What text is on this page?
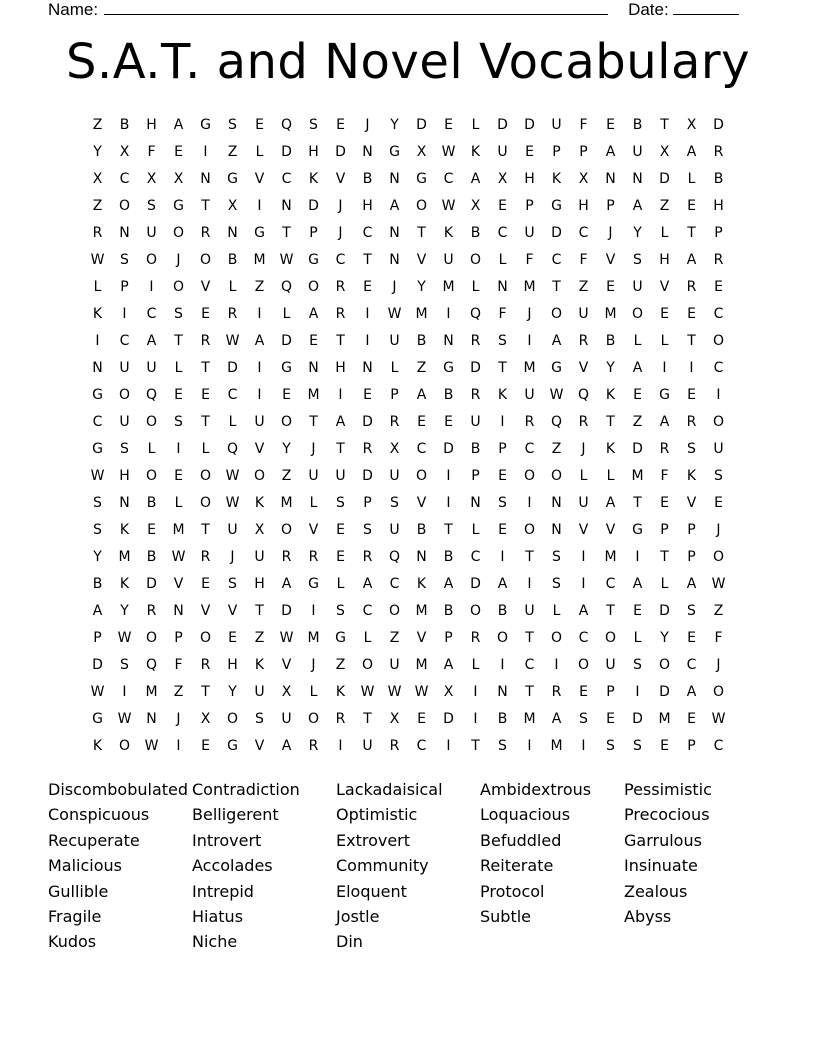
Name:	Date:
S.A.T. and Novel Vocabulary
Z	B	H	A	G	S	E	Q	S	E	J	Y	D	E	L	D	D	U	F	E	B	T	X	D
Y	X	F	E	I	Z	L	D	H	D	N	G	X	W	K	U	E	P	P	A	U	X	A	R
X	C	X	X	N	G	V	C	K	V	B	N	G	C	A	X	H	K	X	N	N	D	L	B
Z	O	S	G	T	X	I	N	D	J	H	A	O	W	X	E	P	G	H	P	A	Z	E	H
R	N	U	O	R	N	G	T	P	J	C	N	T	K	B	C	U	D	C	J	Y	L	T	P
W	S	O	J	O	B	M	W	G	C	T	N	V	U	O	L	F	C	F	V	S	H	A	R
L	P	I	O	V	L	Z	Q	O	R	E	J	Y	M	L	N	M	T	Z	E	U	V	R	E
K	I	C	S	E	R	I	L	A	R	I	W	M	I	Q	F	J	O	U	M	O	E	E	C
I	C	A	T	R	W	A	D	E	T	I	U	B	N	R	S	I	A	R	B	L	L	T	O
N	U	U	L	T	D	I	G	N	H	N	L	Z	G	D	T	M	G	V	Y	A	I	I	C
G	O	Q	E	E	C	I	E	M	I	E	P	A	B	R	K	U	W	Q	K	E	G	E	I
C	U	O	S	T	L	U	O	T	A	D	R	E	E	U	I	R	Q	R	T	Z	A	R	O
G	S	L	I	L	Q	V	Y	J	T	R	X	C	D	B	P	C	Z	J	K	D	R	S	U
W	H	O	E	O	W	O	Z	U	U	D	U	O	I	P	E	O	O	L	L	M	F	K	S
S	N	B	L	O	W	K	M	L	S	P	S	V	I	N	S	I	N	U	A	T	E	V	E
S	K	E	M	T	U	X	O	V	E	S	U	B	T	L	E	O	N	V	V	G	P	P	J
Y	M	B	W	R	J	U	R	R	E	R	Q	N	B	C	I	T	S	I	M	I	T	P	O
B	K	D	V	E	S	H	A	G	L	A	C	K	A	D	A	I	S	I	C	A	L	A	W
A	Y	R	N	V	V	T	D	I	S	C	O	M	B	O	B	U	L	A	T	E	D	S	Z
P	W	O	P	O	E	Z	W	M	G	L	Z	V	P	R	O	T	O	C	O	L	Y	E	F
D	S	Q	F	R	H	K	V	J	Z	O	U	M	A	L	I	C	I	O	U	S	O	C	J
W	I	M	Z	T	Y	U	X	L	K	W W W	X	I	N	T	R	E	P	I	D	A	O
G	W	N	J	X	O	S	U	O	R	T	X	E	D	I	B	M	A	S	E	D	M	E	W
K	O	W	I	E	G	V	A	R	I	U	R	C	I	T	S	I	M	I	S	S	E	P	C
Discombobulated Contradiction	Lackadaisical	Ambidextrous	Pessimistic
Conspicuous	Belligerent	Optimistic	Loquacious	Precocious
Recuperate	Introvert	Extrovert	Befuddled	Garrulous
Malicious	Accolades	Community	Reiterate	Insinuate
Gullible	Intrepid	Eloquent	Protocol	Zealous
Fragile	Hiatus	Jostle	Subtle	Abyss
Kudos	Niche	Din
